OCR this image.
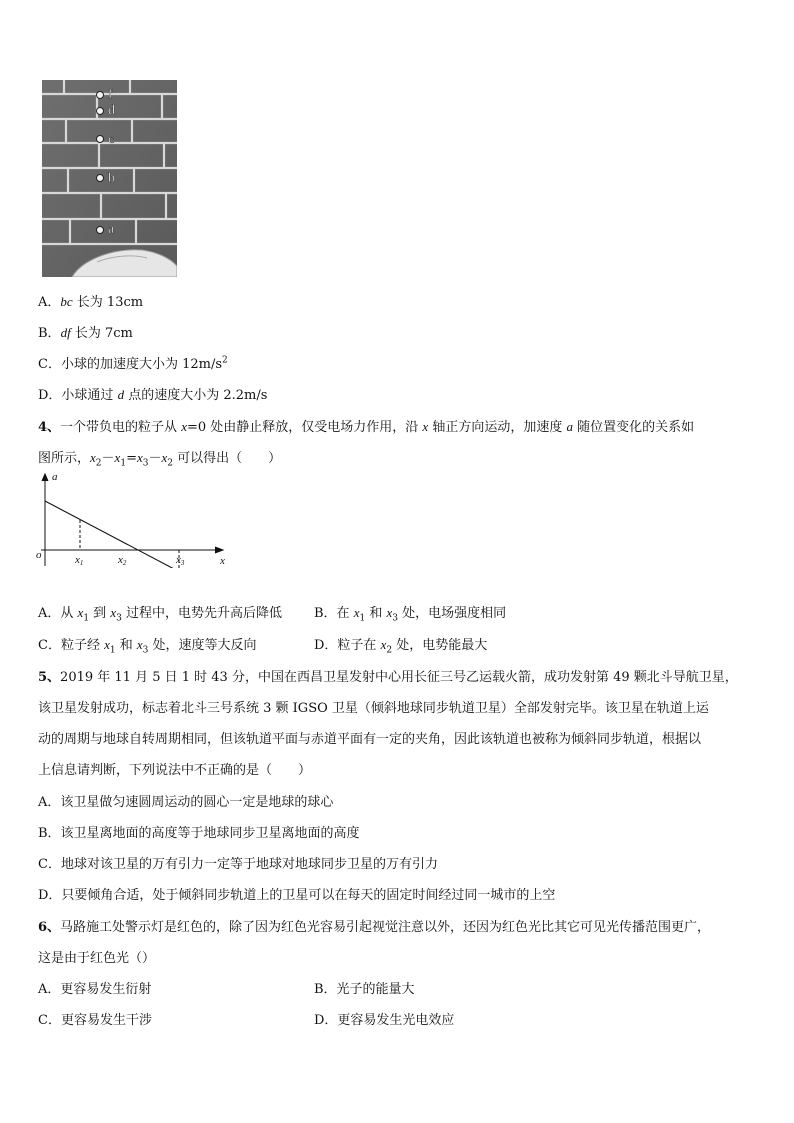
f
d
c
b
a
A．bc 长为 13cm
B．df 长为 7cm
C．小球的加速度大小为 $12m/s^2$
D．小球通过 d 点的速度大小为 2.2m/s
4、一个带负电的粒子从 x=0 处由静止释放，仅受电场力作用，沿 x 轴正方向运动，加速度 a 随位置变化的关系如
图所示，$x_2-x_1=x_3-x_2$ 可以得出（　　）
a
o	x
x1	x2	x3
A．从 $x_1$ 到 $x_3$ 过程中，电势先升高后降低 B．在 $x_1$ 和 $x_3$ 处，电场强度相同
C．粒子经 $x_1$ 和 $x_3$ 处，速度等大反向	D．粒子在 $x_2$ 处，电势能最大
5、2019 年 11 月 5 日 1 时 43 分，中国在西昌卫星发射中心用长征三号乙运载火箭，成功发射第 49 颗北斗导航卫星，
该卫星发射成功，标志着北斗三号系统 3 颗 IGSO 卫星（倾斜地球同步轨道卫星）全部发射完毕。该卫星在轨道上运
动的周期与地球自转周期相同，但该轨道平面与赤道平面有一定的夹角，因此该轨道也被称为倾斜同步轨道，根据以
上信息请判断，下列说法中不正确的是（　　）
A．该卫星做匀速圆周运动的圆心一定是地球的球心
B．该卫星离地面的高度等于地球同步卫星离地面的高度
C．地球对该卫星的万有引力一定等于地球对地球同步卫星的万有引力
D．只要倾角合适，处于倾斜同步轨道上的卫星可以在每天的固定时间经过同一城市的上空
6、马路施工处警示灯是红色的，除了因为红色光容易引起视觉注意以外，还因为红色光比其它可见光传播范围更广，
这是由于红色光（）
A．更容易发生衍射	B．光子的能量大
C．更容易发生干涉	D．更容易发生光电效应
